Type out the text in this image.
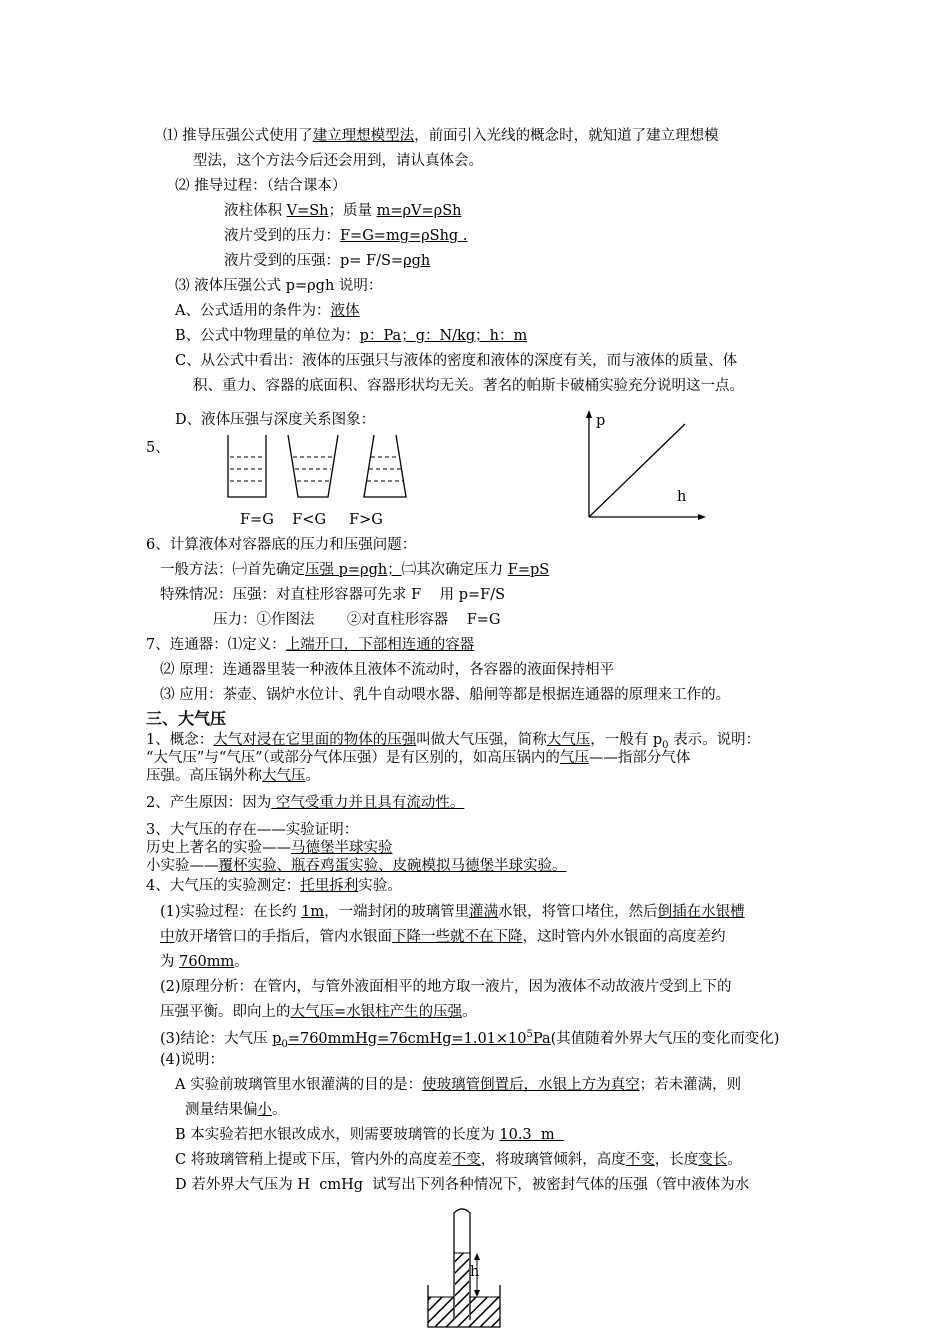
⑴ 推导压强公式使用了建立理想模型法，前面引入光线的概念时，就知道了建立理想模
型法，这个方法今后还会用到，请认真体会。
⑵ 推导过程：（结合课本）
液柱体积 V=Sh；质量 m=ρV=ρSh
液片受到的压力：F=G=mg=ρShg .
液片受到的压强：p= F/S=ρgh
⑶ 液体压强公式 p=ρgh 说明：
A、公式适用的条件为：液体
B、公式中物理量的单位为：p：Pa；g：N/kg；h：m
C、从公式中看出：液体的压强只与液体的密度和液体的深度有关，而与液体的质量、体
积、重力、容器的底面积、容器形状均无关。著名的帕斯卡破桶实验充分说明这一点。
D、液体压强与深度关系图象：
5、
F=G    F<G     F>G
p
h
6、计算液体对容器底的压力和压强问题：
一般方法：㈠首先确定压强 p=ρgh；㈡其次确定压力 F=pS
特殊情况：压强：对直柱形容器可先求 F    用 p=F/S
压力：①作图法       ②对直柱形容器    F=G
7、连通器：⑴定义：上端开口，下部相连通的容器
⑵ 原理：连通器里装一种液体且液体不流动时，各容器的液面保持相平
⑶ 应用：茶壶、锅炉水位计、乳牛自动喂水器、船闸等都是根据连通器的原理来工作的。
三、大气压
1、概念：大气对浸在它里面的物体的压强叫做大气压强，简称大气压，一般有 $p_0$ 表示。说明：
“大气压”与“气压”（或部分气体压强）是有区别的，如高压锅内的气压——指部分气体
压强。高压锅外称大气压。
2、产生原因：因为 空气受重力并且具有流动性。
3、大气压的存在——实验证明：
历史上著名的实验——马德堡半球实验
小实验——覆杯实验、瓶吞鸡蛋实验、皮碗模拟马德堡半球实验。
4、大气压的实验测定：托里拆利实验。
(1)实验过程：在长约 1m，一端封闭的玻璃管里灌满水银，将管口堵住，然后倒插在水银槽
中放开堵管口的手指后，管内水银面下降一些就不在下降，这时管内外水银面的高度差约
为 760mm。
(2)原理分析：在管内，与管外液面相平的地方取一液片，因为液体不动故液片受到上下的
压强平衡。即向上的大气压=水银柱产生的压强。
(3)结论：大气压 $p_0=760mmHg=76cmHg=1.01\times 10^5Pa$(其值随着外界大气压的变化而变化)
(4)说明：
A 实验前玻璃管里水银灌满的目的是：使玻璃管倒置后，水银上方为真空；若未灌满，则
测量结果偏小。
B 本实验若把水银改成水，则需要玻璃管的长度为 10.3  m
C 将玻璃管稍上提或下压，管内外的高度差不变，将玻璃管倾斜，高度不变，长度变长。
D 若外界大气压为 H  cmHg  试写出下列各种情况下，被密封气体的压强（管中液体为水
h
